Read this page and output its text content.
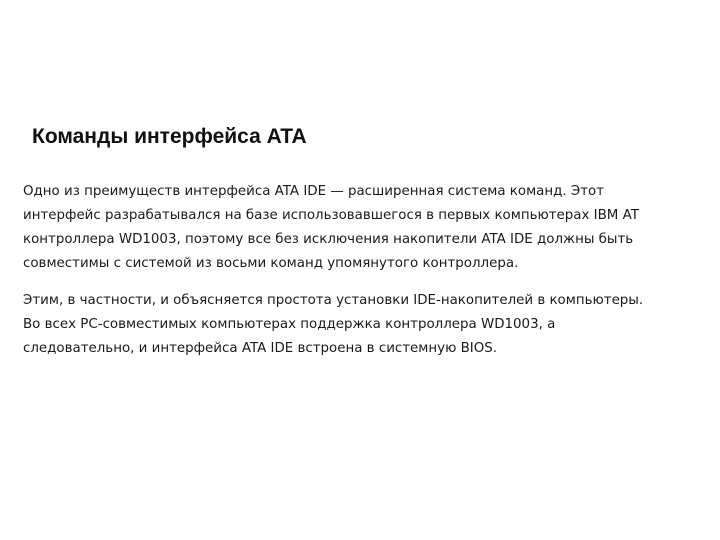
Команды интерфейса ATA

Одно из преимуществ интерфейса ATA IDE — расширенная система команд. Этот
интерфейс разрабатывался на базе использовавшегося в первых компьютерах IBM AT
контроллера WD1003, поэтому все без исключения накопители ATA IDE должны быть
совместимы с системой из восьми команд упомянутого контроллера.

Этим, в частности, и объясняется простота установки IDE-накопителей в компьютеры.
Во всех PC-совместимых компьютерах поддержка контроллера WD1003, а
следовательно, и интерфейса ATA IDE встроена в системную BIOS.
